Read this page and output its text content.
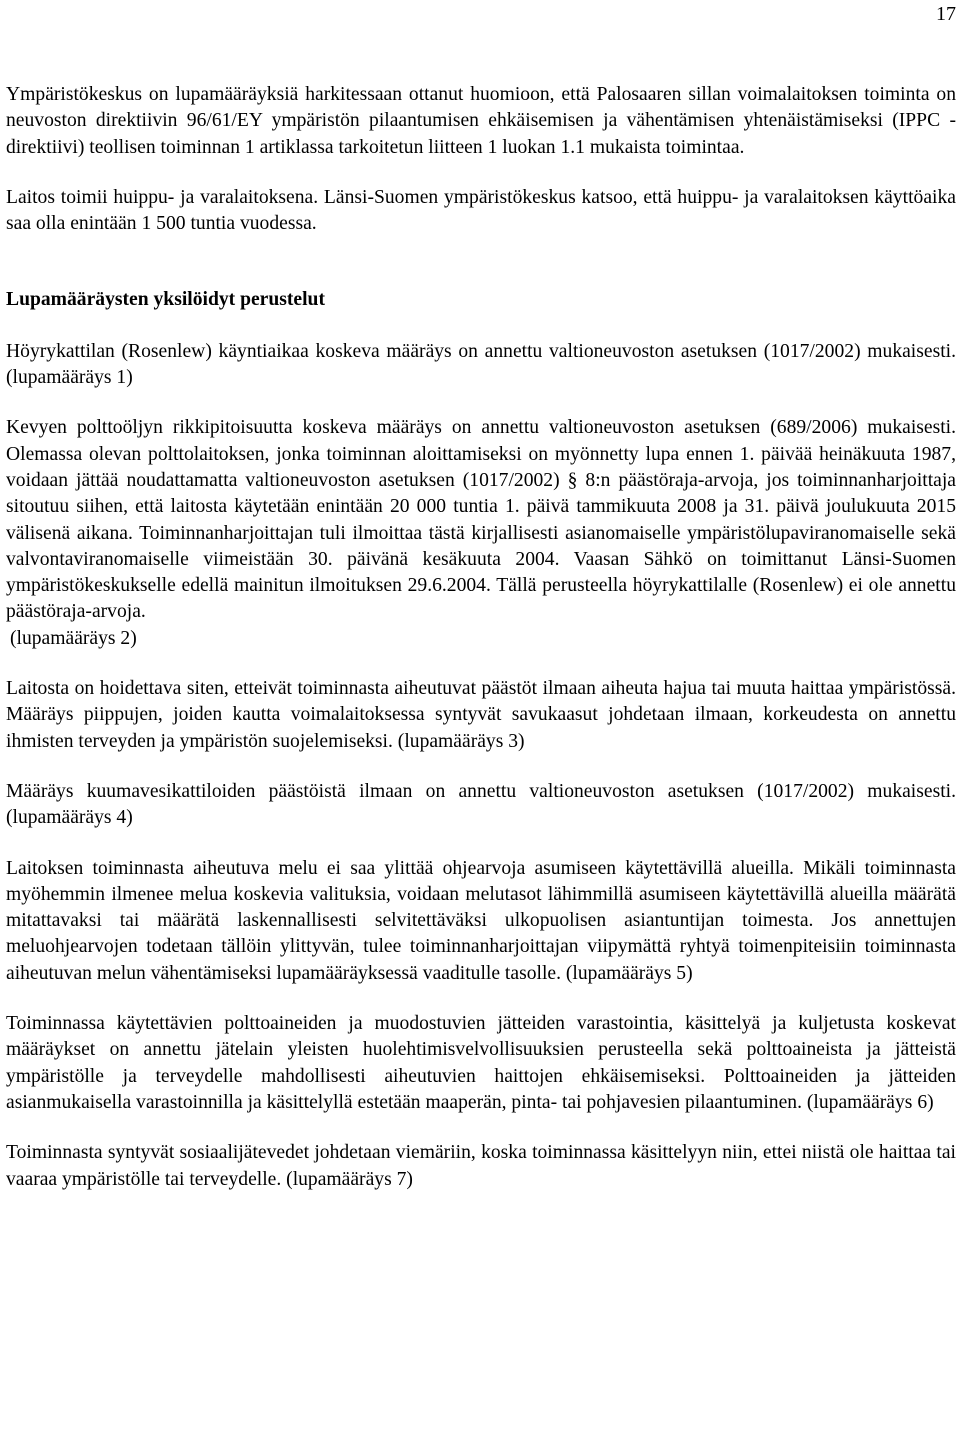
17

Ympäristökeskus on lupamääräyksiä harkitessaan ottanut huomioon, että Palosaaren sillan voimalaitoksen toiminta on neuvoston direktiivin 96/61/EY ympäristön pilaantumisen ehkäisemisen ja vähentämisen yhtenäistämiseksi (IPPC -direktiivi) teollisen toiminnan 1 artiklassa tarkoitetun liitteen 1 luokan 1.1 mukaista toimintaa.

Laitos toimii huippu- ja varalaitoksena. Länsi-Suomen ympäristökeskus katsoo, että huippu- ja varalaitoksen käyttöaika saa olla enintään 1 500 tuntia vuodessa.

Lupamääräysten yksilöidyt perustelut

Höyrykattilan (Rosenlew) käyntiaikaa koskeva määräys on annettu valtioneuvoston asetuksen (1017/2002) mukaisesti. (lupamääräys 1)

Kevyen polttoöljyn rikkipitoisuutta koskeva määräys on annettu valtioneuvoston asetuksen (689/2006) mukaisesti. Olemassa olevan polttolaitoksen, jonka toiminnan aloittamiseksi on myönnetty lupa ennen 1. päivää heinäkuuta 1987, voidaan jättää noudattamatta valtioneuvoston asetuksen (1017/2002) § 8:n päästöraja-arvoja, jos toiminnanharjoittaja sitoutuu siihen, että laitosta käytetään enintään 20 000 tuntia 1. päivä tammikuuta 2008 ja 31. päivä joulukuuta 2015 välisenä aikana. Toiminnanharjoittajan tuli ilmoittaa tästä kirjallisesti asianomaiselle ympäristölupaviranomaiselle sekä valvontaviranomaiselle viimeistään 30. päivänä kesäkuuta 2004. Vaasan Sähkö on toimittanut Länsi-Suomen ympäristökeskukselle edellä mainitun ilmoituksen 29.6.2004. Tällä perusteella höyrykattilalle (Rosenlew) ei ole annettu päästöraja-arvoja.

(lupamääräys 2)

Laitosta on hoidettava siten, etteivät toiminnasta aiheutuvat päästöt ilmaan aiheuta hajua tai muuta haittaa ympäristössä. Määräys piippujen, joiden kautta voimalaitoksessa syntyvät savukaasut johdetaan ilmaan, korkeudesta on annettu ihmisten terveyden ja ympäristön suojelemiseksi. (lupamääräys 3)

Määräys kuumavesikattiloiden päästöistä ilmaan on annettu valtioneuvoston asetuksen (1017/2002) mukaisesti. (lupamääräys 4)

Laitoksen toiminnasta aiheutuva melu ei saa ylittää ohjearvoja asumiseen käytettävillä alueilla. Mikäli toiminnasta myöhemmin ilmenee melua koskevia valituksia, voidaan melutasot lähimmillä asumiseen käytettävillä alueilla määrätä mitattavaksi tai määrätä laskennallisesti selvitettäväksi ulkopuolisen asiantuntijan toimesta. Jos annettujen meluohjearvojen todetaan tällöin ylittyvän, tulee toiminnanharjoittajan viipymättä ryhtyä toimenpiteisiin toiminnasta aiheutuvan melun vähentämiseksi lupamääräyksessä vaaditulle tasolle. (lupamääräys 5)

Toiminnassa käytettävien polttoaineiden ja muodostuvien jätteiden varastointia, käsittelyä ja kuljetusta koskevat määräykset on annettu jätelain yleisten huolehtimisvelvollisuuksien perusteella sekä polttoaineista ja jätteistä ympäristölle ja terveydelle mahdollisesti aiheutuvien haittojen ehkäisemiseksi. Polttoaineiden ja jätteiden asianmukaisella varastoinnilla ja käsittelyllä estetään maaperän, pinta- tai pohjavesien pilaantuminen. (lupamääräys 6)

Toiminnasta syntyvät sosiaalijätevedet johdetaan viemäriin, koska toiminnassa käsittelyyn niin, ettei niistä ole haittaa tai vaaraa ympäristölle tai terveydelle. (lupamääräys 7)
